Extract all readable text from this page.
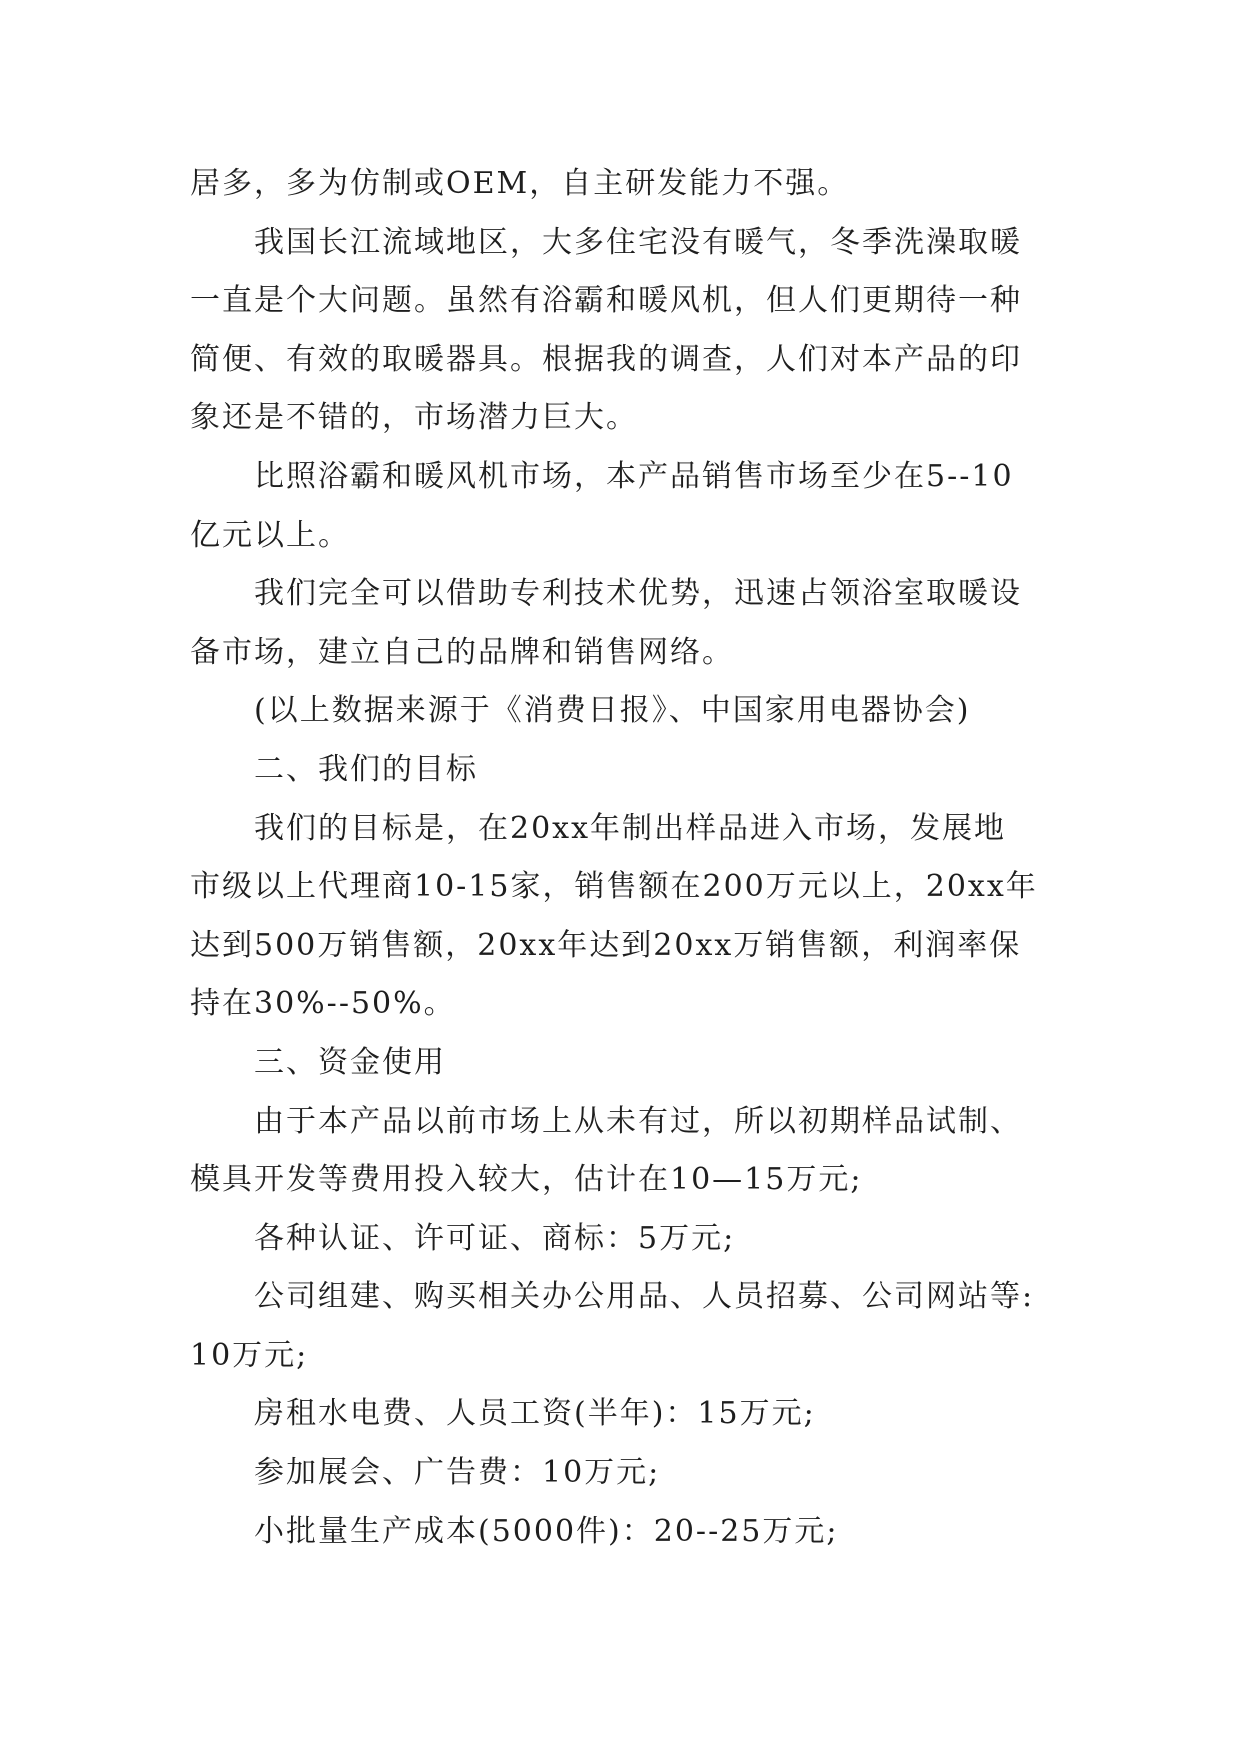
居多，多为仿制或OEM，自主研发能力不强。
我国长江流域地区，大多住宅没有暖气，冬季洗澡取暖
一直是个大问题。虽然有浴霸和暖风机，但人们更期待一种
简便、有效的取暖器具。根据我的调查，人们对本产品的印
象还是不错的，市场潜力巨大。
比照浴霸和暖风机市场，本产品销售市场至少在5--10
亿元以上。
我们完全可以借助专利技术优势，迅速占领浴室取暖设
备市场，建立自己的品牌和销售网络。
(以上数据来源于《消费日报》、中国家用电器协会)
二、我们的目标
我们的目标是，在20xx年制出样品进入市场，发展地
市级以上代理商10-15家，销售额在200万元以上，20xx年
达到500万销售额，20xx年达到20xx万销售额，利润率保
持在30%--50%。
三、资金使用
由于本产品以前市场上从未有过，所以初期样品试制、
模具开发等费用投入较大，估计在10—15万元;
各种认证、许可证、商标：5万元;
公司组建、购买相关办公用品、人员招募、公司网站等:
10万元;
房租水电费、人员工资(半年)：15万元;
参加展会、广告费：10万元;
小批量生产成本(5000件)：20--25万元;
